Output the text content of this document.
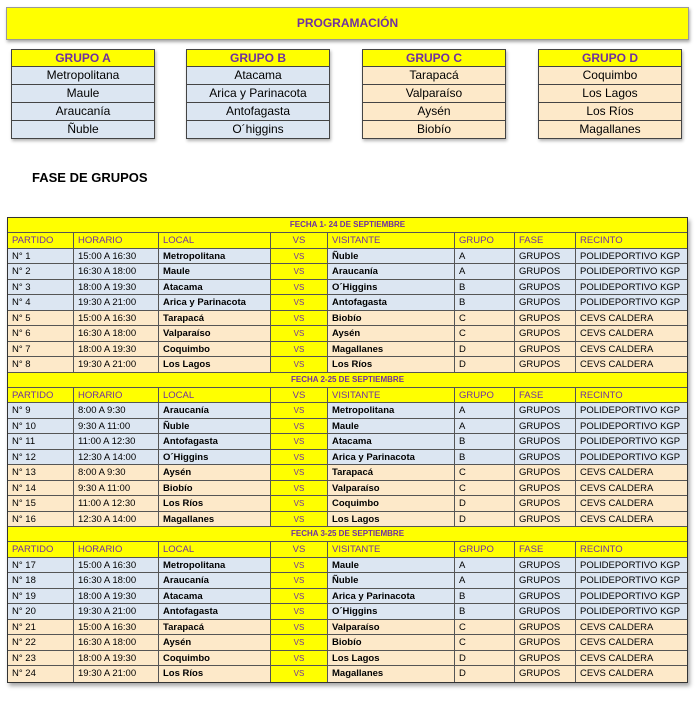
PROGRAMACIÓN
GRUPO A
Metropolitana
Maule
Araucanía
Ñuble
GRUPO B
Atacama
Arica y Parinacota
Antofagasta
O´higgins
GRUPO C
Tarapacá
Valparaíso
Aysén
Biobío
GRUPO D
Coquimbo
Los Lagos
Los Ríos
Magallanes
FASE DE GRUPOS
FECHA 1- 24 DE SEPTIEMBRE
PARTIDO	HORARIO	LOCAL	VS	VISITANTE	GRUPO	FASE	RECINTO
N° 1	15:00 A 16:30	Metropolitana	VS	Ñuble	A	GRUPOS	POLIDEPORTIVO KGP
N° 2	16:30 A 18:00	Maule	VS	Araucanía	A	GRUPOS	POLIDEPORTIVO KGP
N° 3	18:00 A 19:30	Atacama	VS	O´Higgins	B	GRUPOS	POLIDEPORTIVO KGP
N° 4	19:30 A 21:00	Arica y Parinacota	VS	Antofagasta	B	GRUPOS	POLIDEPORTIVO KGP
N° 5	15:00 A 16:30	Tarapacá	VS	Biobío	C	GRUPOS	CEVS CALDERA
N° 6	16:30 A 18:00	Valparaíso	VS	Aysén	C	GRUPOS	CEVS CALDERA
N° 7	18:00 A 19:30	Coquimbo	VS	Magallanes	D	GRUPOS	CEVS CALDERA
N° 8	19:30 A 21:00	Los Lagos	VS	Los Ríos	D	GRUPOS	CEVS CALDERA
FECHA 2-25 DE SEPTIEMBRE
PARTIDO	HORARIO	LOCAL	VS	VISITANTE	GRUPO	FASE	RECINTO
N° 9	8:00 A 9:30	Araucanía	VS	Metropolitana	A	GRUPOS	POLIDEPORTIVO KGP
N° 10	9:30 A 11:00	Ñuble	VS	Maule	A	GRUPOS	POLIDEPORTIVO KGP
N° 11	11:00 A 12:30	Antofagasta	VS	Atacama	B	GRUPOS	POLIDEPORTIVO KGP
N° 12	12:30 A 14:00	O´Higgins	VS	Arica y Parinacota	B	GRUPOS	POLIDEPORTIVO KGP
N° 13	8:00 A 9:30	Aysén	VS	Tarapacá	C	GRUPOS	CEVS CALDERA
N° 14	9:30 A 11:00	Biobío	VS	Valparaíso	C	GRUPOS	CEVS CALDERA
N° 15	11:00 A 12:30	Los Ríos	VS	Coquimbo	D	GRUPOS	CEVS CALDERA
N° 16	12:30 A 14:00	Magallanes	VS	Los Lagos	D	GRUPOS	CEVS CALDERA
FECHA 3-25 DE SEPTIEMBRE
PARTIDO	HORARIO	LOCAL	VS	VISITANTE	GRUPO	FASE	RECINTO
N° 17	15:00 A 16:30	Metropolitana	VS	Maule	A	GRUPOS	POLIDEPORTIVO KGP
N° 18	16:30 A 18:00	Araucanía	VS	Ñuble	A	GRUPOS	POLIDEPORTIVO KGP
N° 19	18:00 A 19:30	Atacama	VS	Arica y Parinacota	B	GRUPOS	POLIDEPORTIVO KGP
N° 20	19:30 A 21:00	Antofagasta	VS	O´Higgins	B	GRUPOS	POLIDEPORTIVO KGP
N° 21	15:00 A 16:30	Tarapacá	VS	Valparaíso	C	GRUPOS	CEVS CALDERA
N° 22	16:30 A 18:00	Aysén	VS	Biobío	C	GRUPOS	CEVS CALDERA
N° 23	18:00 A 19:30	Coquimbo	VS	Los Lagos	D	GRUPOS	CEVS CALDERA
N° 24	19:30 A 21:00	Los Ríos	VS	Magallanes	D	GRUPOS	CEVS CALDERA
